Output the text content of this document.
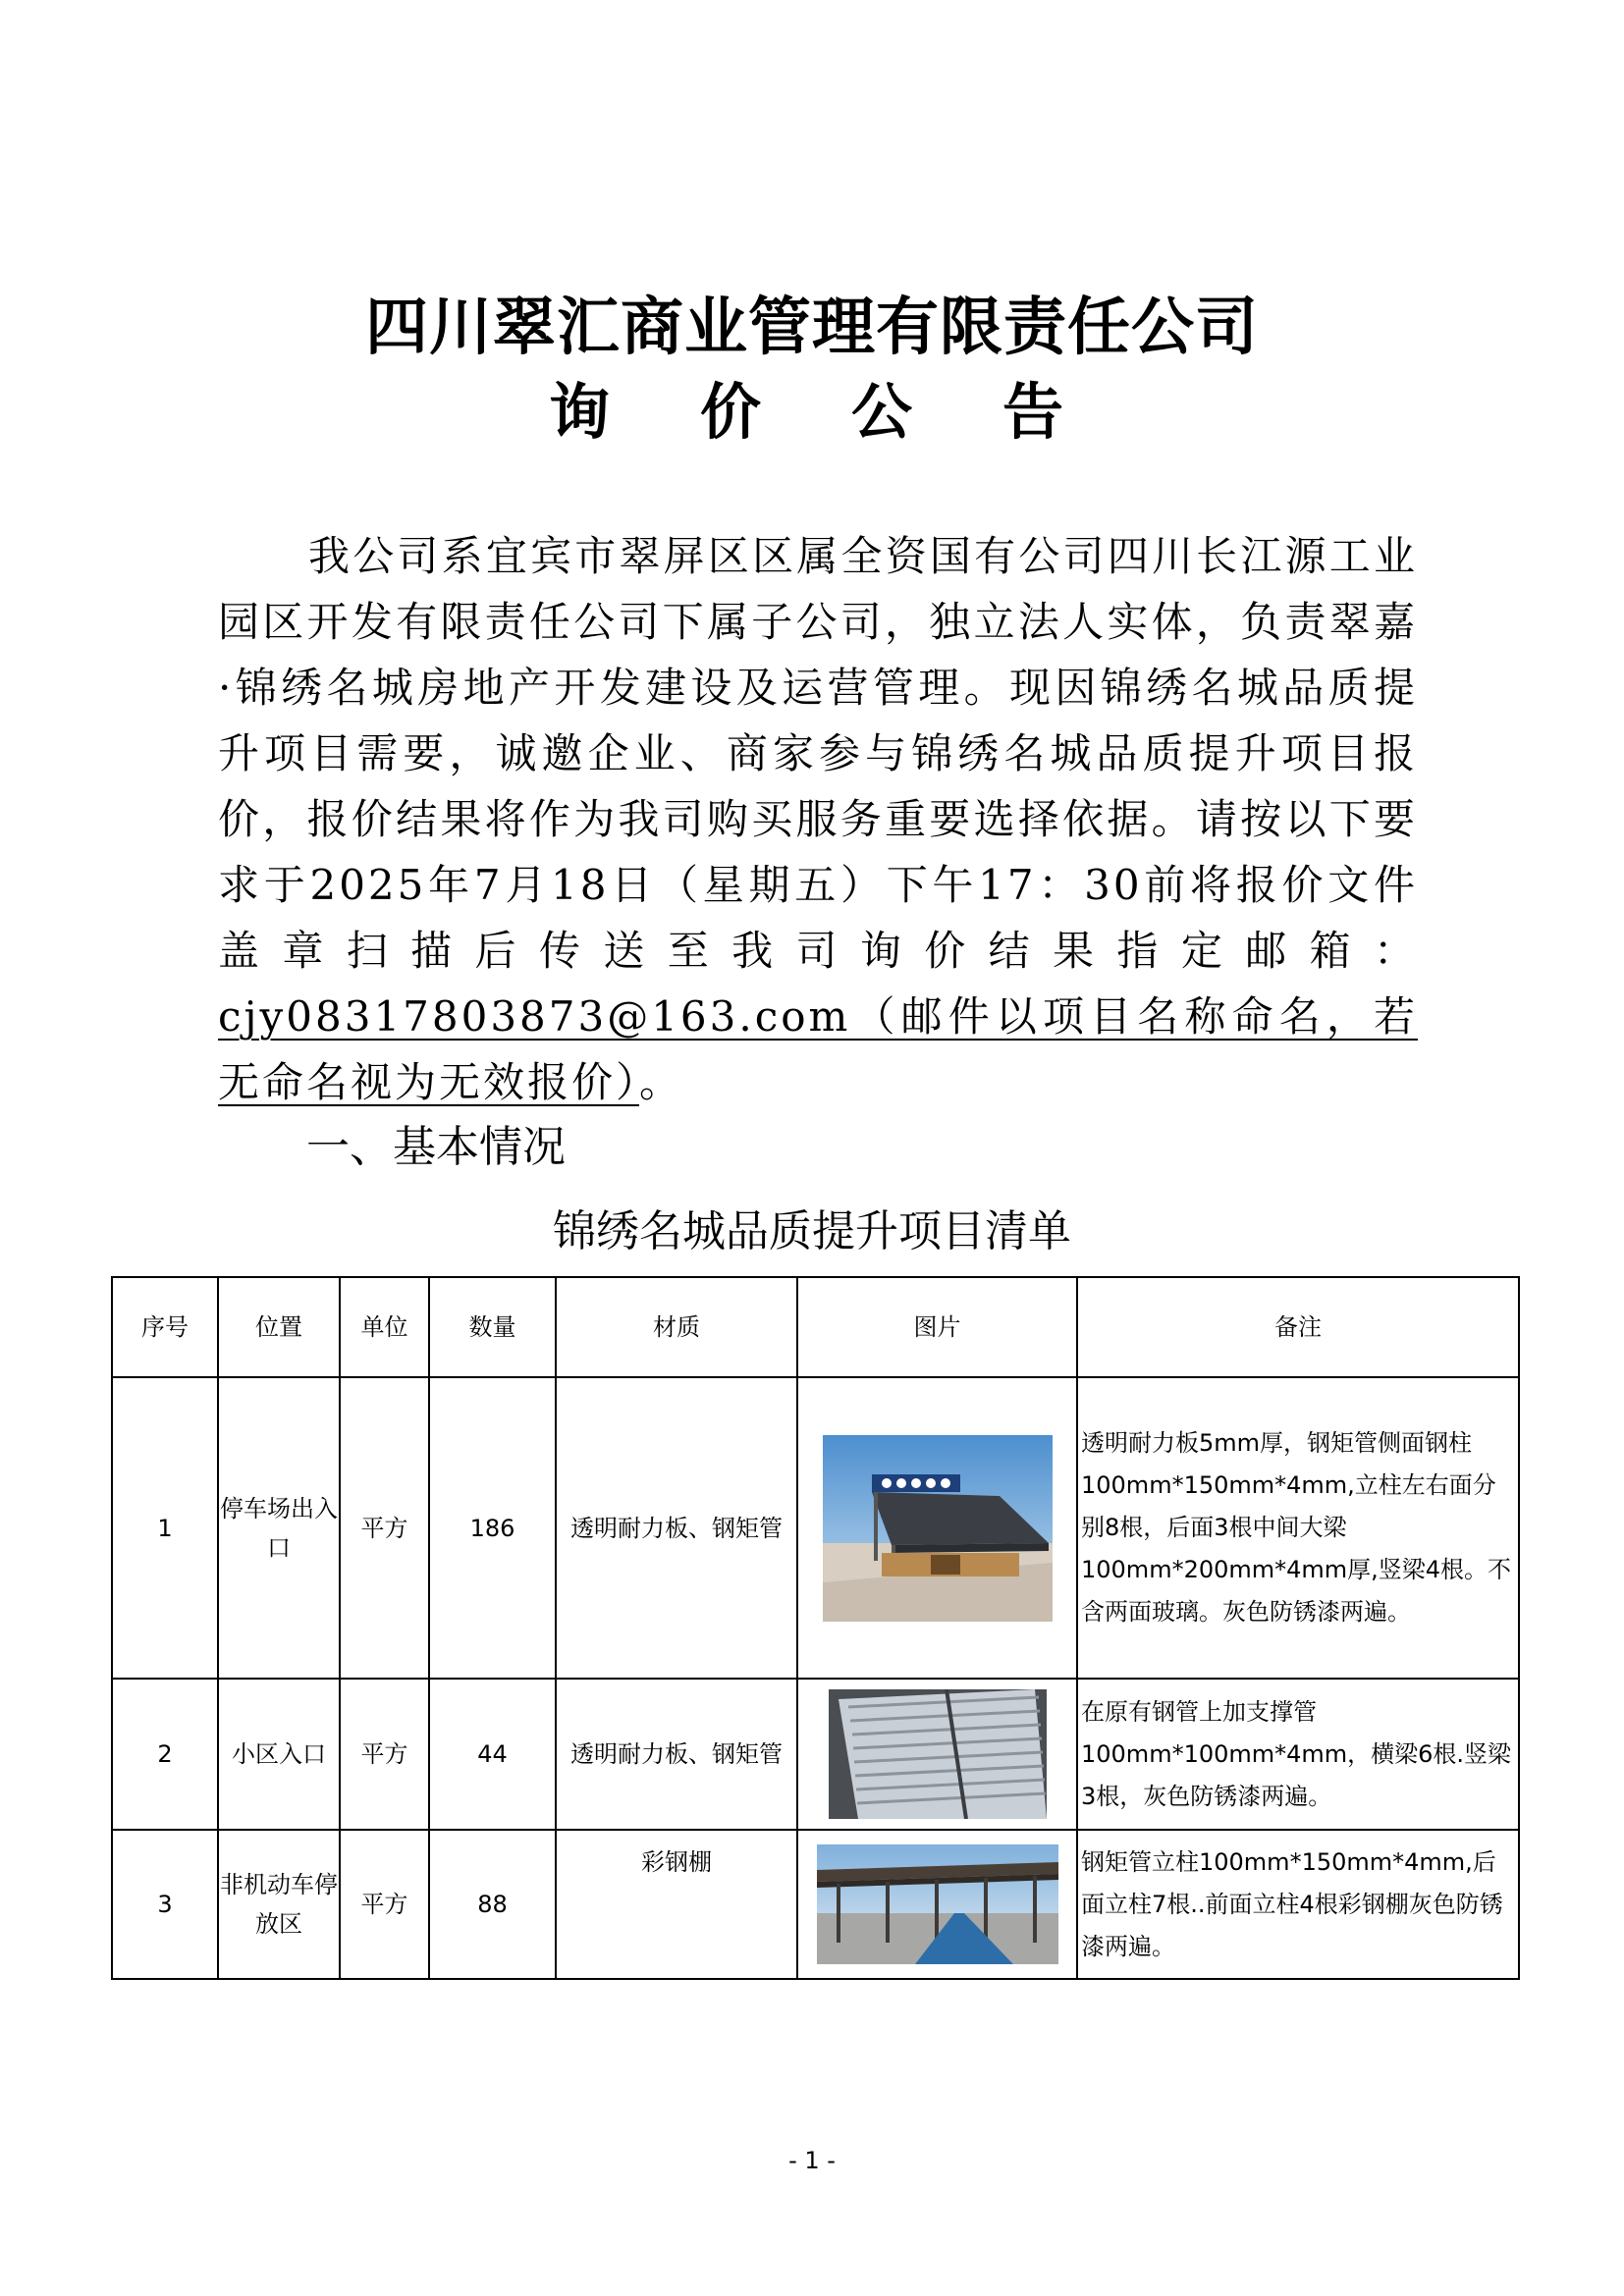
四川翠汇商业管理有限责任公司
询价公告
我公司系宜宾市翠屏区区属全资国有公司四川长江源工业园区开发有限责任公司下属子公司，独立法人实体，负责翠嘉·锦绣名城房地产开发建设及运营管理。现因锦绣名城品质提升项目需要，诚邀企业、商家参与锦绣名城品质提升项目报价，报价结果将作为我司购买服务重要选择依据。请按以下要求于2025年7月18日（星期五）下午17：30前将报价文件盖章扫描后传送至我司询价结果指定邮箱：cjy08317803873@163.com（邮件以项目名称命名，若无命名视为无效报价）。
一、基本情况
锦绣名城品质提升项目清单
序号	位置	单位	数量	材质	图片	备注
1	停车场出入口	平方	186	透明耐力板、钢矩管		透明耐力板5mm厚，钢矩管侧面钢柱100mm*150mm*4mm,立柱左右面分别8根，后面3根中间大梁100mm*200mm*4mm厚,竖梁4根。不含两面玻璃。灰色防锈漆两遍。
2	小区入口	平方	44	透明耐力板、钢矩管		在原有钢管上加支撑管100mm*100mm*4mm，横梁6根.竖梁3根，灰色防锈漆两遍。
3	非机动车停放区	平方	88	彩钢棚		钢矩管立柱100mm*150mm*4mm,后面立柱7根..前面立柱4根彩钢棚灰色防锈漆两遍。
- 1 -
